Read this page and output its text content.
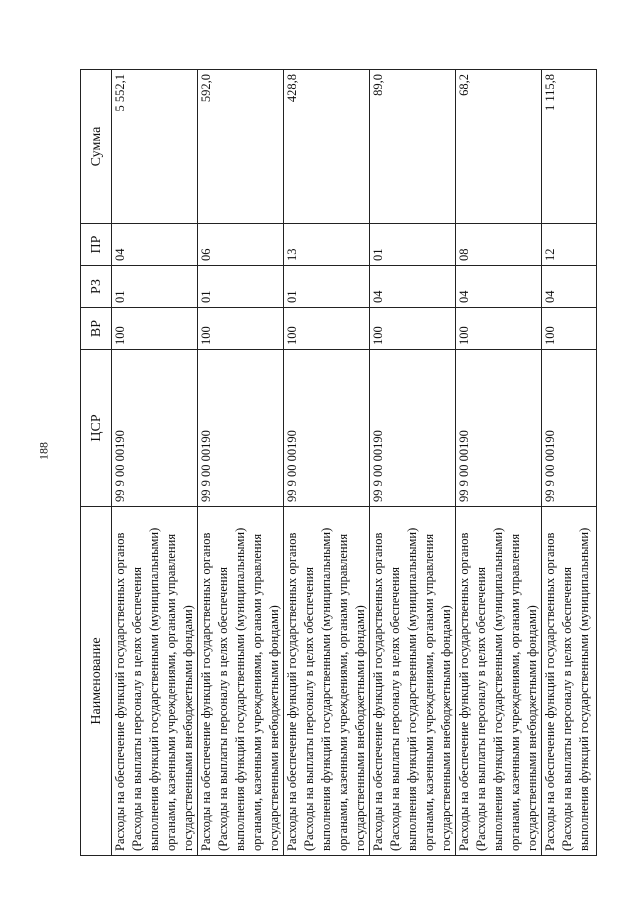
188
Наименование	ЦСР	ВР	РЗ	ПР	Сумма
Расходы на обеспечение функций государственных органов (Расходы на выплаты персоналу в целях обеспечения выполнения функций государственными (муниципальными) органами, казенными учреждениями, органами управления государственными внебюджетными фондами)	99 9 00 00190	100	01	04	5 552,1
Расходы на обеспечение функций государственных органов (Расходы на выплаты персоналу в целях обеспечения выполнения функций государственными (муниципальными) органами, казенными учреждениями, органами управления государственными внебюджетными фондами)	99 9 00 00190	100	01	06	592,0
Расходы на обеспечение функций государственных органов (Расходы на выплаты персоналу в целях обеспечения выполнения функций государственными (муниципальными) органами, казенными учреждениями, органами управления государственными внебюджетными фондами)	99 9 00 00190	100	01	13	428,8
Расходы на обеспечение функций государственных органов (Расходы на выплаты персоналу в целях обеспечения выполнения функций государственными (муниципальными) органами, казенными учреждениями, органами управления государственными внебюджетными фондами)	99 9 00 00190	100	04	01	89,0
Расходы на обеспечение функций государственных органов (Расходы на выплаты персоналу в целях обеспечения выполнения функций государственными (муниципальными) органами, казенными учреждениями, органами управления государственными внебюджетными фондами)	99 9 00 00190	100	04	08	68,2
Расходы на обеспечение функций государственных органов (Расходы на выплаты персоналу в целях обеспечения выполнения функций государственными (муниципальными)	99 9 00 00190	100	04	12	1 115,8
